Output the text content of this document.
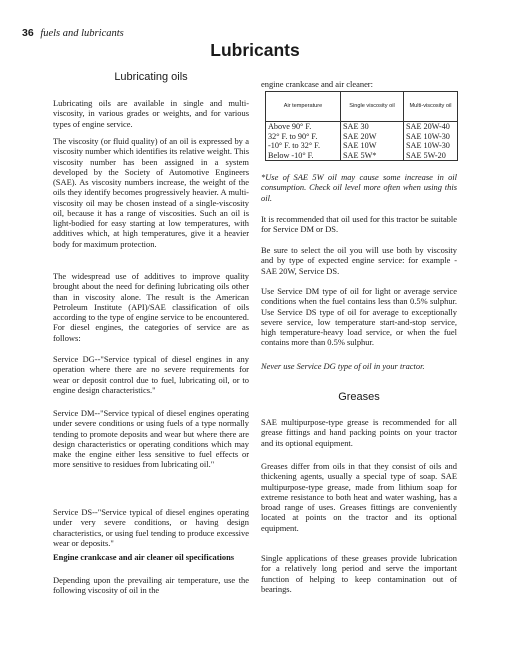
36 fuels and lubricants
Lubricants
Lubricating oils

Lubricating oils are available in single and multi-viscosity, in various grades or weights, and for various types of engine service.

The viscosity (or fluid quality) of an oil is expressed by a viscosity number which identifies its relative weight. This viscosity number has been assigned in a system developed by the Society of Automotive Engineers (SAE). As viscosity numbers increase, the weight of the oils they identify becomes progressively heavier. A multi-viscosity oil may be chosen instead of a single-viscosity oil, because it has a range of viscosities. Such an oil is light-bodied for easy starting at low temperatures, with additives which, at high temperatures, give it a heavier body for maximum protection.

The widespread use of additives to improve quality brought about the need for defining lubricating oils other than in viscosity alone. The result is the American Petroleum Institute (API)/SAE classification of oils according to the type of engine service to be encountered. For diesel engines, the categories of service are as follows:

Service DG--"Service typical of diesel engines in any operation where there are no severe requirements for wear or deposit control due to fuel, lubricating oil, or to engine design characteristics."

Service DM--"Service typical of diesel engines operating under severe conditions or using fuels of a type normally tending to promote deposits and wear but where there are design characteristics or operating conditions which may make the engine either less sensitive to fuel effects or more sensitive to residues from lubricating oil."

Service DS--"Service typical of diesel engines operating under very severe conditions, or having design characteristics, or using fuel tending to produce excessive wear or deposits."

Engine crankcase and air cleaner oil specifications

Depending upon the prevailing air temperature, use the following viscosity of oil in the

engine crankcase and air cleaner:

Air temperature	Single viscosity oil	Multi-viscosity oil
Above 90° F.	SAE 30	SAE 20W-40
32° F. to 90° F.	SAE 20W	SAE 10W-30
-10° F. to 32° F.	SAE 10W	SAE 10W-30
Below -10° F.	SAE 5W*	SAE 5W-20

*Use of SAE 5W oil may cause some increase in oil consumption. Check oil level more often when using this oil.

It is recommended that oil used for this tractor be suitable for Service DM or DS.

Be sure to select the oil you will use both by viscosity and by type of expected engine service: for example - SAE 20W, Service DS.

Use Service DM type of oil for light or average service conditions when the fuel contains less than 0.5% sulphur. Use Service DS type of oil for average to exceptionally severe service, low temperature start-and-stop service, high temperature-heavy load service, or when the fuel contains more than 0.5% sulphur.

Never use Service DG type of oil in your tractor.

Greases

SAE multipurpose-type grease is recommended for all grease fittings and hand packing points on your tractor and its optional equipment.

Greases differ from oils in that they consist of oils and thickening agents, usually a special type of soap. SAE multipurpose-type grease, made from lithium soap for extreme resistance to both heat and water washing, has a broad range of uses. Greases fittings are conveniently located at points on the tractor and its optional equipment.

Single applications of these greases provide lubrication for a relatively long period and serve the important function of helping to keep contamination out of bearings.
